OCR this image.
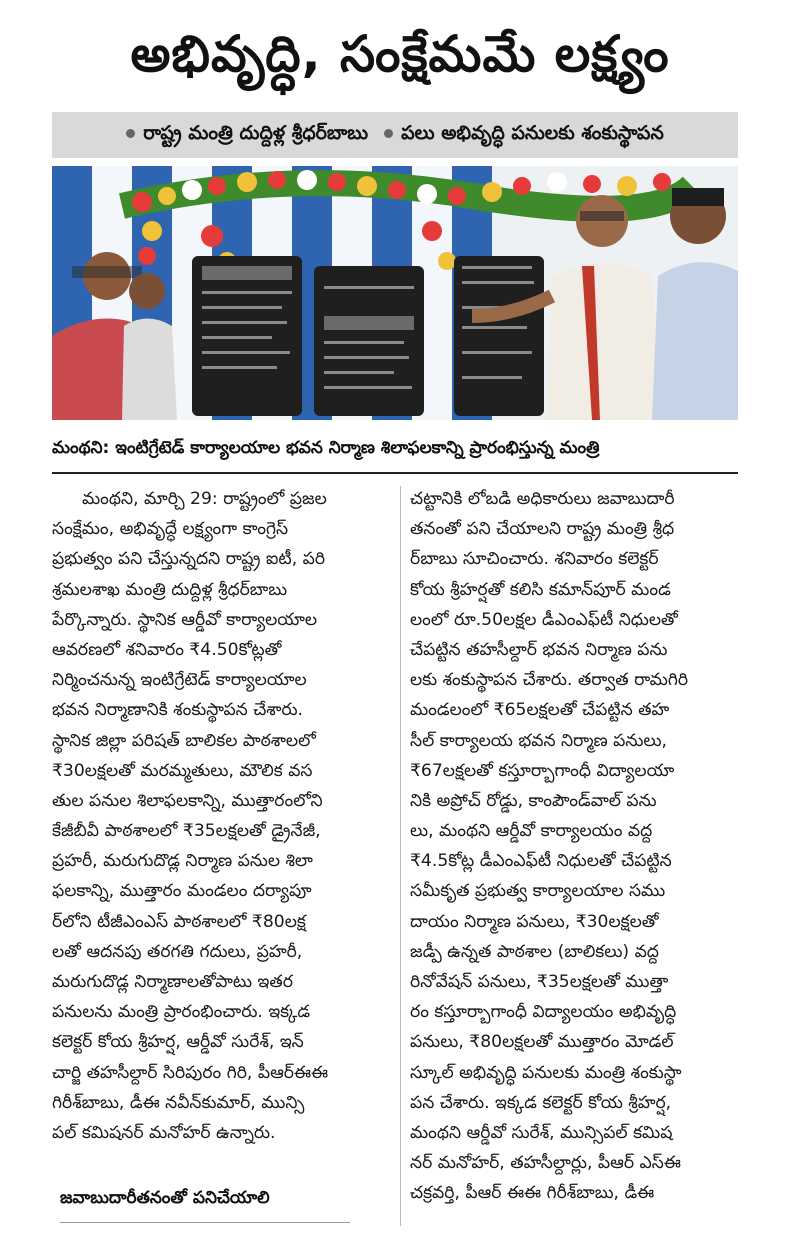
అభివృద్ధి, సంక్షేమమే లక్ష్యం
రాష్ట్ర మంత్రి దుద్దిళ్ల శ్రీధర్‌బాబు	పలు అభివృద్ధి పనులకు శంకుస్థాపన
మంథని: ఇంటిగ్రేటెడ్ కార్యాలయాల భవన నిర్మాణ శిలాఫలకాన్ని ప్రారంభిస్తున్న మంత్రి
మంథని, మార్చి 29: రాష్ట్రంలో ప్రజల
సంక్షేమం, అభివృద్ధే లక్ష్యంగా కాంగ్రెస్
ప్రభుత్వం పని చేస్తున్నదని రాష్ట్ర ఐటీ, పరి
శ్రమలశాఖ మంత్రి దుద్దిళ్ల శ్రీధర్‌బాబు
పేర్కొన్నారు. స్థానిక ఆర్డీవో కార్యాలయాల
ఆవరణలో శనివారం ₹4.50కోట్లతో
నిర్మించనున్న ఇంటిగ్రేటెడ్ కార్యాలయాల
భవన నిర్మాణానికి శంకుస్థాపన చేశారు.
స్థానిక జిల్లా పరిషత్ బాలికల పాఠశాలలో
₹30లక్షలతో మరమ్మతులు, మౌలిక వస
తుల పనుల శిలాఫలకాన్ని, ముత్తారంలోని
కేజీబీవీ పాఠశాలలో ₹35లక్షలతో డ్రైనేజీ,
ప్రహరీ, మరుగుదొడ్ల నిర్మాణ పనుల శిలా
ఫలకాన్ని, ముత్తారం మండలం దర్యాపూ
ర్‌లోని టీజీఎంఎస్ పాఠశాలలో ₹80లక్ష
లతో ఆదనపు తరగతి గదులు, ప్రహరీ,
మరుగుదొడ్ల నిర్మాణాలతోపాటు ఇతర
పనులను మంత్రి ప్రారంభించారు. ఇక్కడ
కలెక్టర్ కోయ శ్రీహర్ష, ఆర్డీవో సురేశ్, ఇన్
చార్జి తహసీల్దార్ సిరిపురం గిరి, పీఆర్‌ఈఈ
గిరీశ్‌బాబు, డీఈ నవీన్‌కుమార్, మున్సి
పల్ కమిషనర్ మనోహర్ ఉన్నారు.
జవాబుదారీతనంతో పనిచేయాలి
చట్టానికి లోబడి అధికారులు జవాబుదారీ
తనంతో పని చేయాలని రాష్ట్ర మంత్రి శ్రీధ
ర్‌బాబు సూచించారు. శనివారం కలెక్టర్
కోయ శ్రీహర్షతో కలిసి కమాన్‌పూర్ మండ
లంలో రూ.50లక్షల డీఎంఎఫ్‌టీ నిధులతో
చేపట్టిన తహసీల్దార్ భవన నిర్మాణ పను
లకు శంకుస్థాపన చేశారు. తర్వాత రామగిరి
మండలంలో ₹65లక్షలతో చేపట్టిన తహ
సీల్ కార్యాలయ భవన నిర్మాణ పనులు,
₹67లక్షలతో కస్తూర్బాగాంధీ విద్యాలయా
నికి అప్రోచ్ రోడ్డు, కాంపౌండ్‌వాల్ పను
లు, మంథని ఆర్డీవో కార్యాలయం వద్ద
₹4.5కోట్ల డీఎంఎఫ్‌టీ నిధులతో చేపట్టిన
సమీకృత ప్రభుత్వ కార్యాలయాల సము
దాయం నిర్మాణ పనులు, ₹30లక్షలతో
జడ్పీ ఉన్నత పాఠశాల (బాలికలు) వద్ద
రినోవేషన్ పనులు, ₹35లక్షలతో ముత్తా
రం కస్తూర్బాగాంధీ విద్యాలయం అభివృద్ధి
పనులు, ₹80లక్షలతో ముత్తారం మోడల్
స్కూల్ అభివృద్ధి పనులకు మంత్రి శంకుస్థా
పన చేశారు. ఇక్కడ కలెక్టర్ కోయ శ్రీహర్ష,
మంథని ఆర్డీవో సురేశ్, మున్సిపల్ కమిష
నర్ మనోహర్, తహసీల్దార్లు, పీఆర్ ఎస్‌ఈ
చక్రవర్తి, పీఆర్ ఈఈ గిరీశ్‌బాబు, డీఈ
